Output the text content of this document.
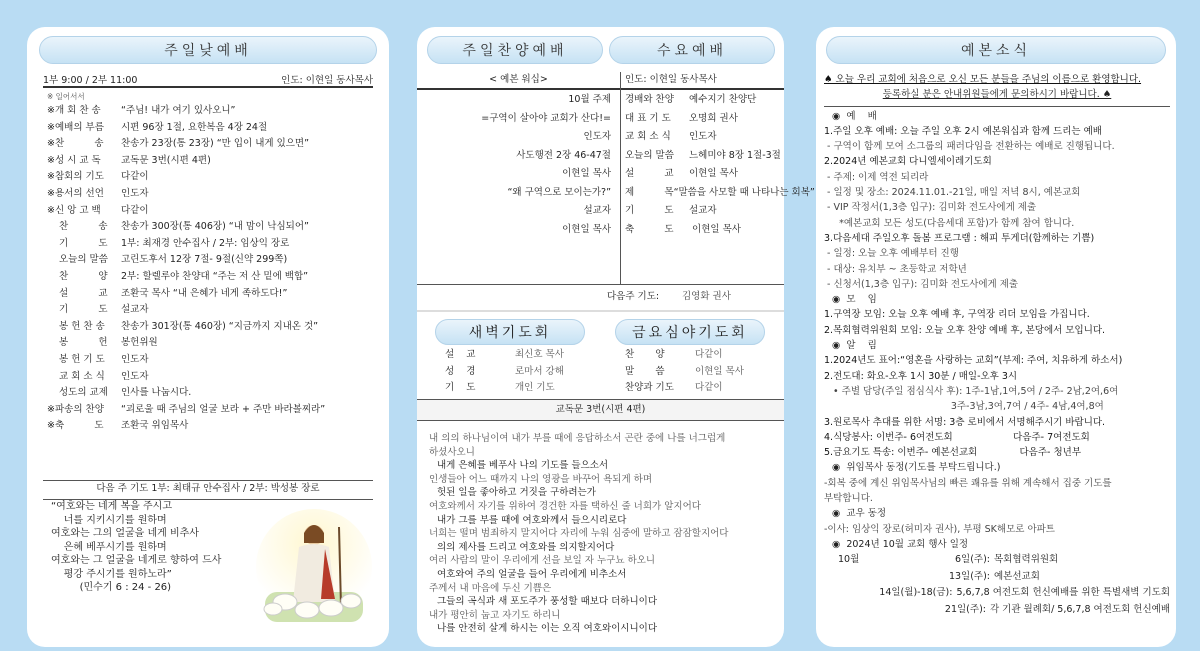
주일낮예배
1부 9:00 / 2부 11:00	인도: 이현일 동사목사
※ 일어서서
※개 회 찬 송	“주님! 내가 여기 있사오니”
※예배의 부름	시편 96장 1절, 요한복음 4장 24절
※찬          송	찬송가 23장(통 23장) “만 입이 내게 있으면”
※성 시 교 독	교독문 3번(시편 4편)
※참회의 기도	다같이
※용서의 선언	인도자
※신 앙 고 백	다같이
찬          송	찬송가 300장(통 406장) “내 맘이 낙심되어”
기          도	1부: 최재경 안수집사 / 2부: 임상익 장로
오늘의 말씀	고린도후서 12장 7절- 9절(신약 299쪽)
찬          양	2부: 할렐루야 찬양대 “주는 저 산 밑에 백합”
설          교	조환국 목사 “내 은혜가 네게 족하도다!”
기          도	설교자
봉 헌 찬 송	찬송가 301장(통 460장) “지금까지 지내온 것”
봉          헌	봉헌위원
봉 헌 기 도	인도자
교 회 소 식	인도자
성도의 교제	인사를 나눕시다.
※파송의 찬양	“괴로울 때 주님의 얼굴 보라 + 주만 바라볼찌라”
※축          도	조환국 위임목사
다음 주 기도 1부: 최태규 안수집사 / 2부: 박성봉 장로
“여호와는 네게 복을 주시고
너를 지키시기를 원하며
여호와는 그의 얼굴을 네게 비추사
은혜 베푸시기를 원하며
여호와는 그 얼굴을 네게로 향하여 드사
평강 주시기를 원하노라”
(민수기 6 : 24 - 26)
주일찬양예배	수요예배
< 예본 워십>	인도: 이현일 동사목사
10월 주제
=구역이 살아야 교회가 산다!=
인도자
사도행전 2장 46-47절
이현일 목사
“왜 구역으로 모이는가?”
설교자
이현일 목사
경배와 찬양	예수지기 찬양단
대 표 기 도	오명희 권사
교 회 소 식	인도자
오늘의 말씀	느헤미야 8장 1절-3절
설          교	이현일 목사
제          목 “말씀을 사모할 때 나타나는 회복”
기          도	설교자
축          도	이현일 목사
다음주 기도: 김영화 권사
새벽기도회	금요심야기도회
설    교	최신호 목사
성    경	로마서 강해
기    도	개인 기도
찬       양	다같이
말       씀	이현일 목사
찬양과 기도	다같이
교독문 3번(시편 4편)
내 의의 하나님이여 내가 부를 때에 응답하소서 곤란 중에 나를 너그럽게
하셨사오니
내게 은혜를 베푸사 나의 기도를 들으소서
인생들아 어느 때까지 나의 영광을 바꾸어 욕되게 하며
헛된 일을 좋아하고 거짓을 구하려는가
여호와께서 자기를 위하여 경건한 자를 택하신 줄 너희가 알지어다
내가 그를 부를 때에 여호와께서 들으시리로다
너희는 떨며 범죄하지 말지어다 자리에 누워 심중에 말하고 잠잠할지어다
의의 제사를 드리고 여호와를 의지할지어다
여러 사람의 말이 우리에게 선을 보일 자 누구뇨 하오니
여호와여 주의 얼굴을 들어 우리에게 비추소서
주께서 내 마음에 두신 기쁨은
그들의 곡식과 새 포도주가 풍성할 때보다 더하니이다
내가 평안히 눕고 자기도 하리니
나를 안전히 살게 하시는 이는 오직 여호와이시니이다
예본소식
♠ 오늘 우리 교회에 처음으로 오신 모든 분들을 주님의 이름으로 환영합니다.
등록하실 분은 안내위원들에게 문의하시기 바랍니다. ♠
◉  예    배
1.주일 오후 예배: 오늘 주일 오후 2시 예본워십과 함께 드리는 예배
- 구역이 함께 모여 소그룹의 패러다임을 전환하는 예배로 진행됩니다.
2.2024년 예본교회 다니엘세이레기도회
- 주제: 이제 역전 되리라
- 일정 및 장소: 2024.11.01.-21일, 매일 저녁 8시, 예본교회
- VIP 작정서(1,3층 입구): 김미화 전도사에게 제출
*예본교회 모든 성도(다음세대 포함)가 함께 참여 합니다.
3.다음세대 주일오후 돌봄 프로그램 : 해피 투게더(함께하는 기쁨)
- 일정: 오늘 오후 예배부터 진행
- 대상: 유치부 ~ 초등학교 저학년
- 신청서(1,3층 입구): 김미화 전도사에게 제출
◉  모    임
1.구역장 모임: 오늘 오후 예배 후, 구역장 리더 모임을 가집니다.
2.목회협력위원회 모임: 오늘 오후 찬양 예배 후, 본당에서 모입니다.
◉  알    림
1.2024년도 표어:“영혼을 사랑하는 교회”(부제: 주여, 치유하게 하소서)
2.전도대: 화요-오후 1시 30분 / 매일-오후 3시
• 주별 담당(주일 점심식사 후): 1주-1남,1여,5여 / 2주- 2남,2여,6여
3주-3남,3여,7여 / 4주- 4남,4여,8여
3.원로목사 추대를 위한 서명: 3층 로비에서 서명해주시기 바랍니다.
4.식당봉사: 이번주- 6여전도회                    다음주- 7여전도회
5.금요기도 특송: 이번주- 예본선교회              다음주- 청년부
◉  위임목사 동정(기도를 부탁드립니다.)
-회복 중에 계신 위임목사님의 빠른 쾌유를 위해 계속해서 집중 기도를
부탁합니다.
◉  교우 동정
-이사: 임상익 장로(허미자 권사), 부평 SK해모로 아파트
◉  2024년 10월 교회 행사 일정
10월	6일(주): 목회협력위원회
13일(주): 예본선교회
14일(월)-18(금): 5,6,7,8 여전도회 헌신예배를 위한 특별새벽 기도회
21일(주): 각 기관 월례회/ 5,6,7,8 여전도회 헌신예배
